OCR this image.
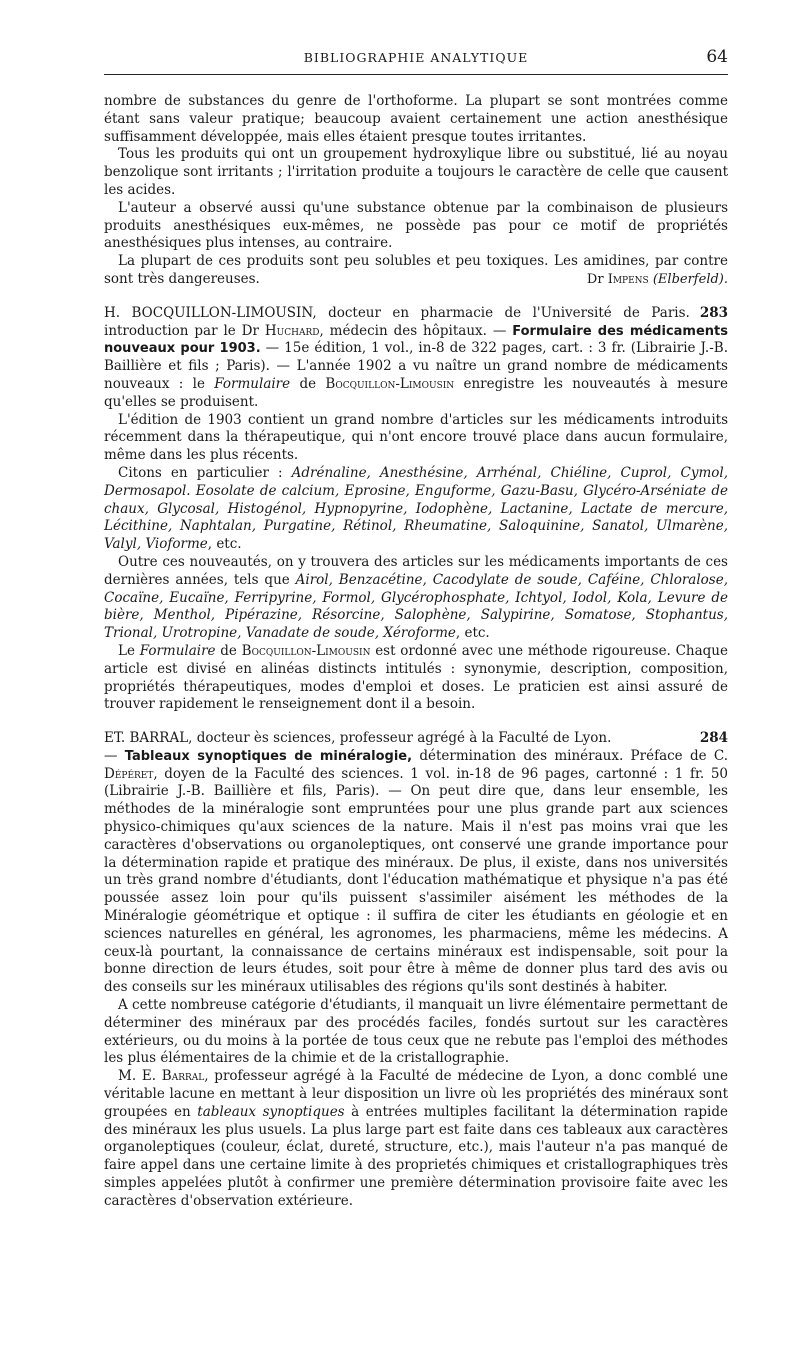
BIBLIOGRAPHIE ANALYTIQUE	64

nombre de substances du genre de l'orthoforme. La plupart se sont montrées comme étant sans valeur pratique; beaucoup avaient certainement une action anesthésique suffisamment développée, mais elles étaient presque toutes irritantes.

Tous les produits qui ont un groupement hydroxylique libre ou substitué, lié au noyau benzolique sont irritants ; l'irritation produite a toujours le caractère de celle que causent les acides.

L'auteur a observé aussi qu'une substance obtenue par la combinaison de plusieurs produits anesthésiques eux-mêmes, ne possède pas pour ce motif de propriétés anesthésiques plus intenses, au contraire.

La plupart de ces produits sont peu solubles et peu toxiques. Les amidines, par contre sont très dangereuses.	Dr Impens (Elberfeld).

283
H. BOCQUILLON-LIMOUSIN, docteur en pharmacie de l'Université de Paris. introduction par le Dr Huchard, médecin des hôpitaux. — Formulaire des médicaments nouveaux pour 1903. — 15e édition, 1 vol., in-8 de 322 pages, cart. : 3 fr. (Librairie J.-B. Baillière et fils ; Paris). — L'année 1902 a vu naître un grand nombre de médicaments nouveaux : le Formulaire de Bocquillon-Limousin enregistre les nouveautés à mesure qu'elles se produisent.

L'édition de 1903 contient un grand nombre d'articles sur les médicaments introduits récemment dans la thérapeutique, qui n'ont encore trouvé place dans aucun formulaire, même dans les plus récents.

Citons en particulier : Adrénaline, Anesthésine, Arrhénal, Chiéline, Cuprol, Cymol, Dermosapol. Eosolate de calcium, Eprosine, Enguforme, Gazu-Basu, Glycéro-Arséniate de chaux, Glycosal, Histogénol, Hypnopyrine, Iodophène, Lactanine, Lactate de mercure, Lécithine, Naphtalan, Purgatine, Rétinol, Rheumatine, Saloquinine, Sanatol, Ulmarène, Valyl, Vioforme, etc.

Outre ces nouveautés, on y trouvera des articles sur les médicaments importants de ces dernières années, tels que Airol, Benzacétine, Cacodylate de soude, Caféine, Chloralose, Cocaïne, Eucaïne, Ferripyrine, Formol, Glycérophosphate, Ichtyol, Iodol, Kola, Levure de bière, Menthol, Pipérazine, Résorcine, Salophène, Salypirine, Somatose, Stophantus, Trional, Urotropine, Vanadate de soude, Xéroforme, etc.

Le Formulaire de Bocquillon-Limousin est ordonné avec une méthode rigoureuse. Chaque article est divisé en alinéas distincts intitulés : synonymie, description, composition, propriétés thérapeutiques, modes d'emploi et doses. Le praticien est ainsi assuré de trouver rapidement le renseignement dont il a besoin.

284
ET. BARRAL, docteur ès sciences, professeur agrégé à la Faculté de Lyon.
— Tableaux synoptiques de minéralogie, détermination des minéraux. Préface de C. Dépéret, doyen de la Faculté des sciences. 1 vol. in-18 de 96 pages, cartonné : 1 fr. 50 (Librairie J.-B. Baillière et fils, Paris). — On peut dire que, dans leur ensemble, les méthodes de la minéralogie sont empruntées pour une plus grande part aux sciences physico-chimiques qu'aux sciences de la nature. Mais il n'est pas moins vrai que les caractères d'observations ou organoleptiques, ont conservé une grande importance pour la détermination rapide et pratique des minéraux. De plus, il existe, dans nos universités un très grand nombre d'étudiants, dont l'éducation mathématique et physique n'a pas été poussée assez loin pour qu'ils puissent s'assimiler aisément les méthodes de la Minéralogie géométrique et optique : il suffira de citer les étudiants en géologie et en sciences naturelles en général, les agronomes, les pharmaciens, même les médecins. A ceux-là pourtant, la connaissance de certains minéraux est indispensable, soit pour la bonne direction de leurs études, soit pour être à même de donner plus tard des avis ou des conseils sur les minéraux utilisables des régions qu'ils sont destinés à habiter.

A cette nombreuse catégorie d'étudiants, il manquait un livre élémentaire permettant de déterminer des minéraux par des procédés faciles, fondés surtout sur les caractères extérieurs, ou du moins à la portée de tous ceux que ne rebute pas l'emploi des méthodes les plus élémentaires de la chimie et de la cristallographie.

M. E. Barral, professeur agrégé à la Faculté de médecine de Lyon, a donc comblé une véritable lacune en mettant à leur disposition un livre où les propriétés des minéraux sont groupées en tableaux synoptiques à entrées multiples facilitant la détermination rapide des minéraux les plus usuels. La plus large part est faite dans ces tableaux aux caractères organoleptiques (couleur, éclat, dureté, structure, etc.), mais l'auteur n'a pas manqué de faire appel dans une certaine limite à des proprietés chimiques et cristallographiques très simples appelées plutôt à confirmer une première détermination provisoire faite avec les caractères d'observation extérieure.
